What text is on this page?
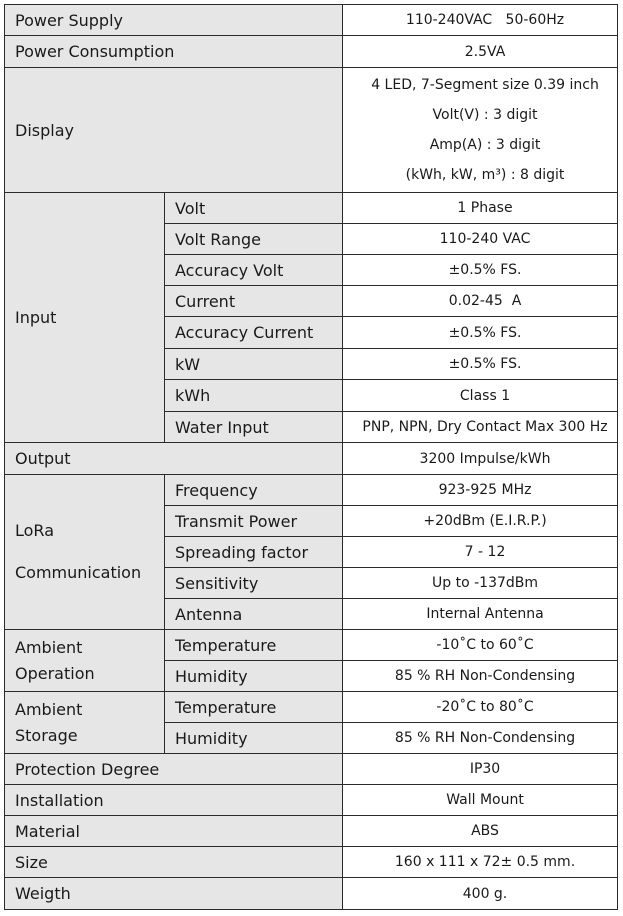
Power Supply		110-240VAC   50-60Hz
Power Consumption		2.5VA
Display		4 LED, 7-Segment size 0.39 inch
Volt(V) : 3 digit
Amp(A) : 3 digit
(kWh, kW, m³) : 8 digit

Input	Volt	1 Phase
	Volt Range	110-240 VAC
	Accuracy Volt	±0.5% FS.
	Current	0.02-45  A
	Accuracy Current	±0.5% FS.
	kW	±0.5% FS.
	kWh	Class 1
	Water Input	PNP, NPN, Dry Contact Max 300 Hz
Output		3200 Impulse/kWh

LoRa
Communication	Frequency	923-925 MHz
	Transmit Power	+20dBm (E.I.R.P.)
	Spreading factor	7 - 12
	Sensitivity	Up to -137dBm
	Antenna	Internal Antenna

Ambient
Operation	Temperature	-10˚C to 60˚C
	Humidity	85 % RH Non-Condensing

Ambient
Storage	Temperature	-20˚C to 80˚C
	Humidity	85 % RH Non-Condensing
Protection Degree		IP30
Installation		Wall Mount
Material		ABS
Size		160 x 111 x 72± 0.5 mm.
Weigth		400 g.
